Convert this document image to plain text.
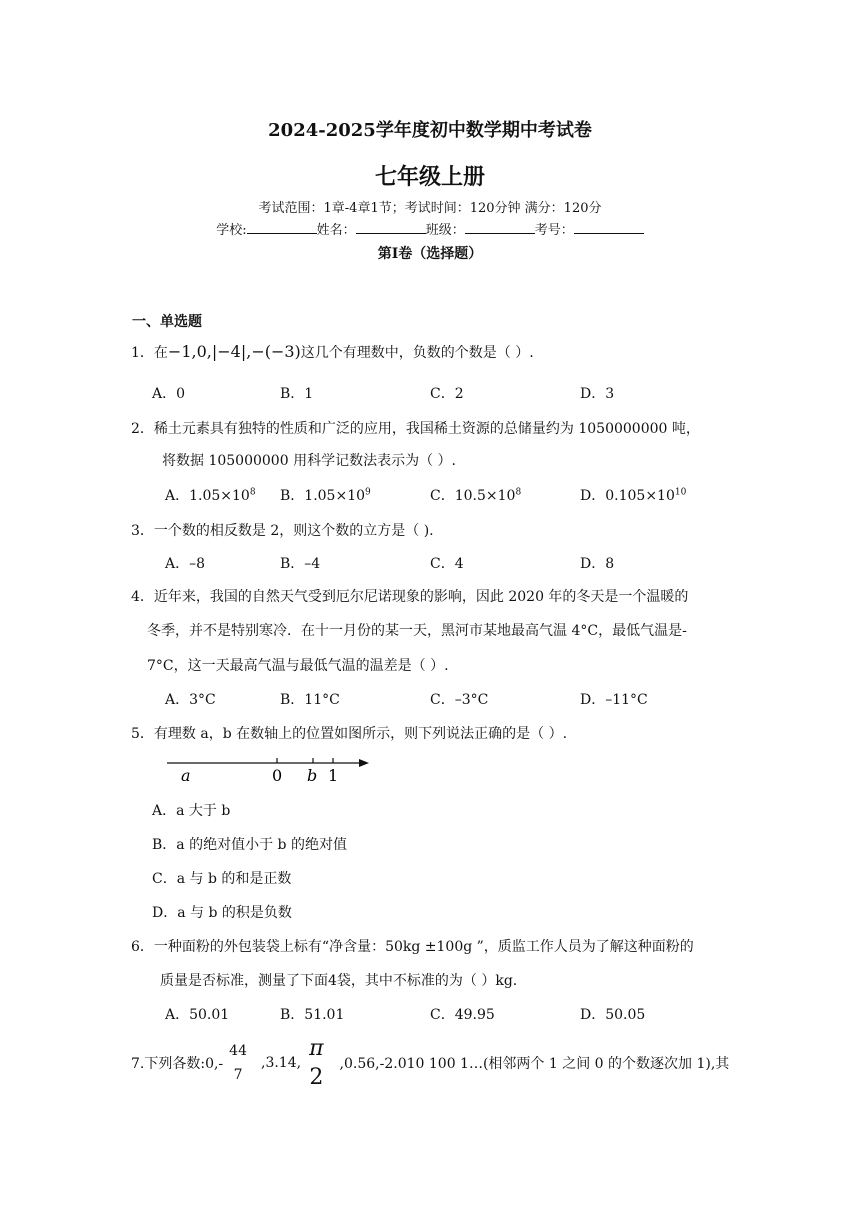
2024-2025学年度初中数学期中考试卷
七年级上册
考试范围：1章-4章1节；考试时间：120分钟 满分：120分
学校:	姓名：	班级：	考号：
第Ⅰ卷（选择题）
一、单选题
1．在−1,0,|−4|,−(−3)这几个有理数中，负数的个数是（ ）.
A．0	B．1	C．2	D．3
2．稀土元素具有独特的性质和广泛的应用，我国稀土资源的总储量约为 1050000000 吨，
将数据 105000000 用科学记数法表示为（ ）.
A．$1.05\times 10^8$ B．$1.05\times 10^9$	C．$10.5\times 10^8$	D．$0.105\times 10^{10}$
3．一个数的相反数是 2，则这个数的立方是（ ).
A．–8	B．–4	C．4	D．8
4．近年来，我国的自然天气受到厄尔尼诺现象的影响，因此 2020 年的冬天是一个温暖的
冬季，并不是特别寒冷．在十一月份的某一天，黑河市某地最高气温 4°C，最低气温是-
7°C，这一天最高气温与最低气温的温差是（ ）.
A．3°C	B．11°C	C．–3°C	D．–11°C
5．有理数 a，b 在数轴上的位置如图所示，则下列说法正确的是（ ）.
a	0 b 1
A．a 大于 b
B．a 的绝对值小于 b 的绝对值
C．a 与 b 的和是正数
D．a 与 b 的积是负数
6．一种面粉的外包装袋上标有“净含量：50kg ±100g ”，质监工作人员为了解这种面粉的
质量是否标准，测量了下面4袋，其中不标准的为（ ）kg.
A．50.01	B．51.01	C．49.95	D．50.05
7.下列各数:0,-
44
7
,3.14,
π
2
,0.56,-2.010 100 1…(相邻两个 1 之间 0 的个数逐次加 1),其
